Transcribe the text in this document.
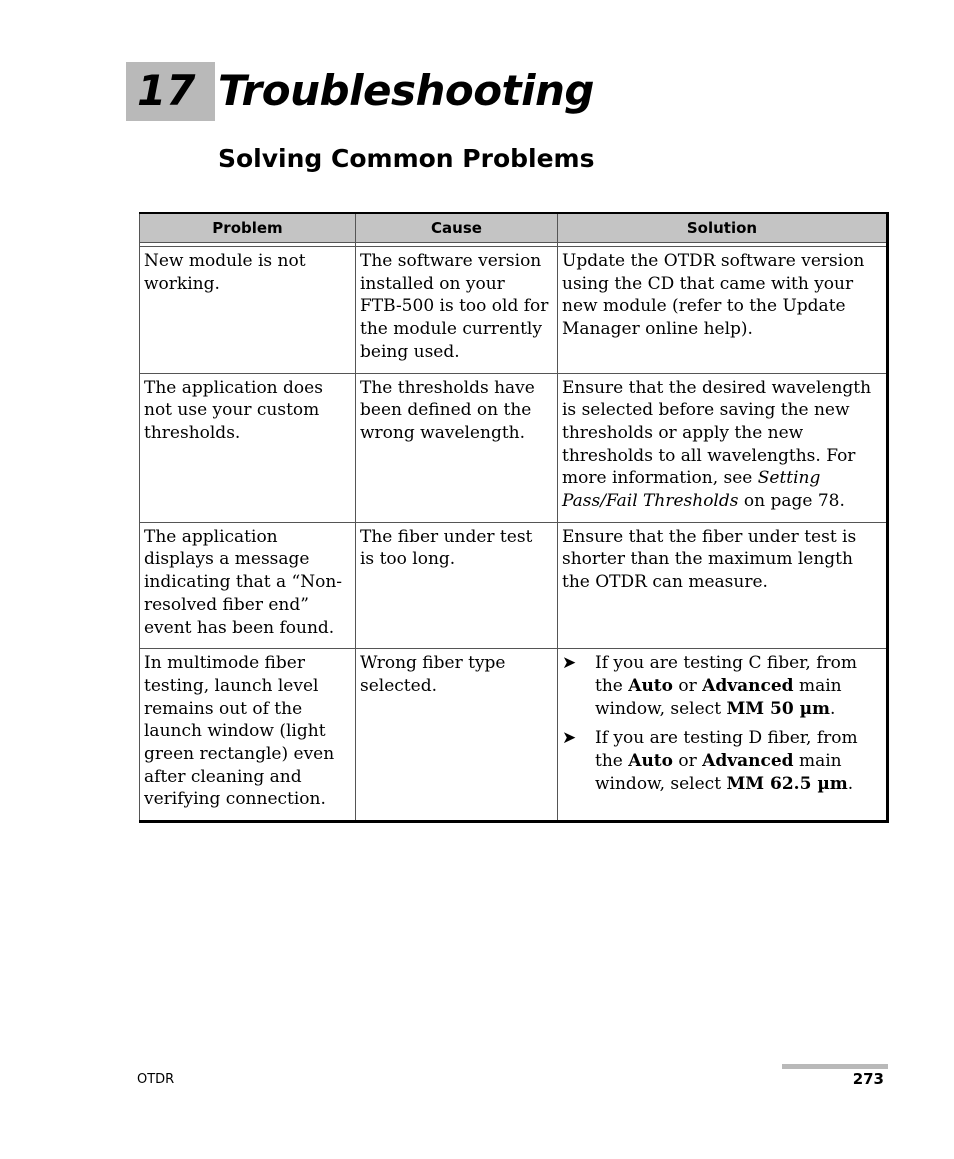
17 Troubleshooting
Solving Common Problems
Problem	Cause	Solution

New module is not working.	The software version installed on your FTB-500 is too old for the module currently being used.	Update the OTDR software version using the CD that came with your new module (refer to the Update Manager online help).
The application does not use your custom thresholds.	The thresholds have been defined on the wrong wavelength.	Ensure that the desired wavelength is selected before saving the new thresholds or apply the new thresholds to all wavelengths. For more information, see Setting Pass/Fail Thresholds on page 78.
The application displays a message indicating that a “Non-resolved fiber end” event has been found.	The fiber under test is too long.	Ensure that the fiber under test is shorter than the maximum length the OTDR can measure.
In multimode fiber testing, launch level remains out of the launch window (light green rectangle) even after cleaning and verifying connection.	Wrong fiber type selected.	➤ If you are testing C fiber, from the Auto or Advanced main window, select MM 50 µm.
➤ If you are testing D fiber, from the Auto or Advanced main window, select MM 62.5 µm.
OTDR	273
